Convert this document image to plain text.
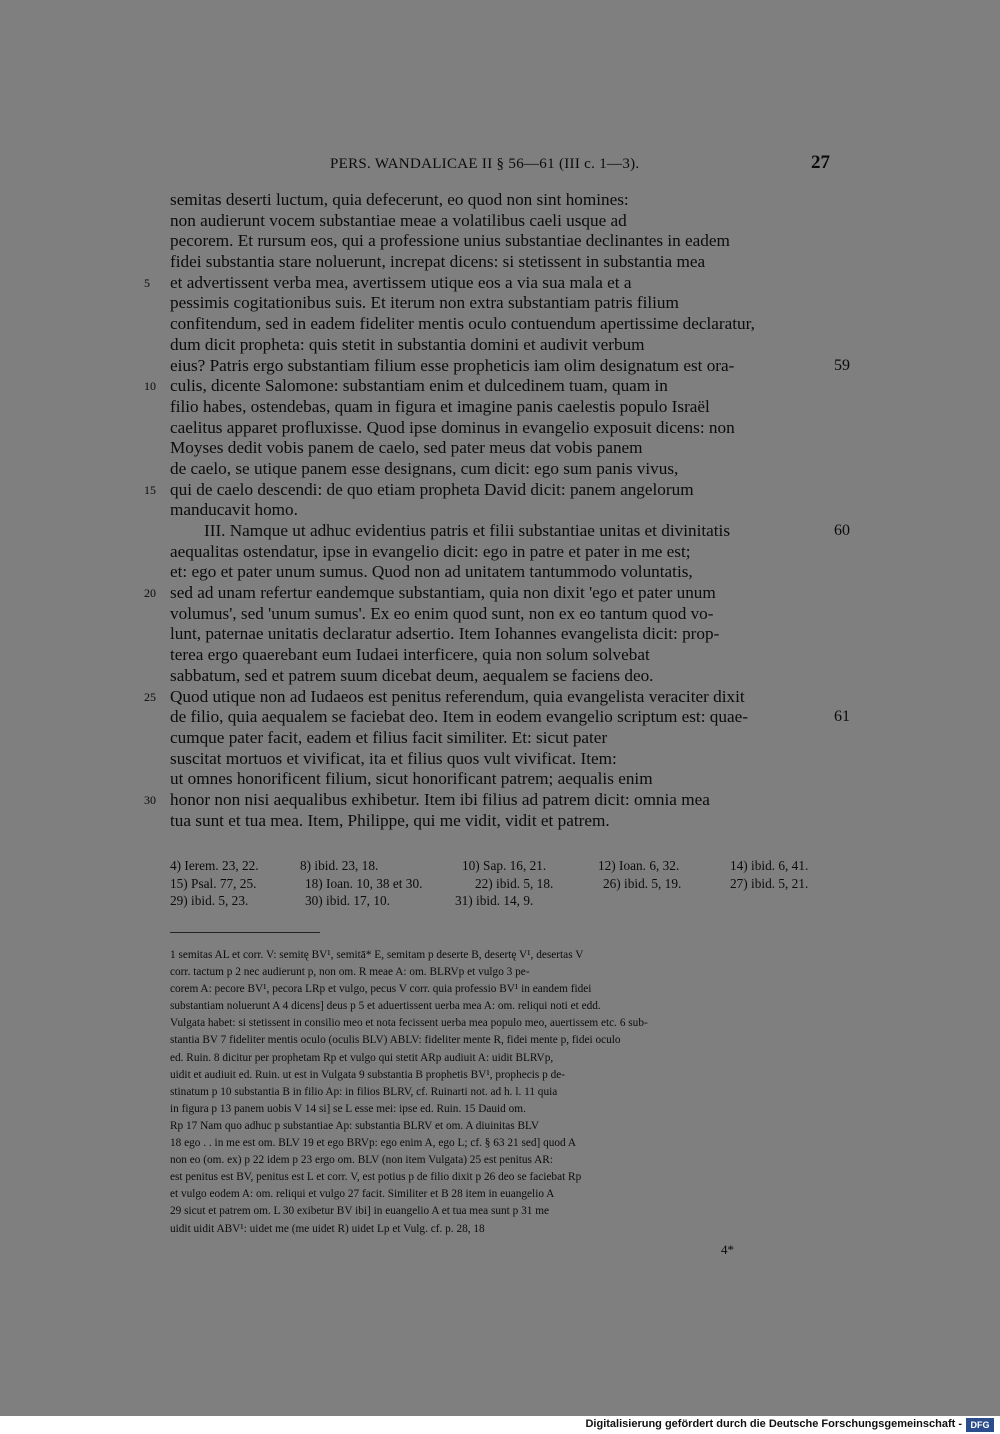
PERS. WANDALICAE II § 56—61 (III c. 1—3).	27
semitas deserti luctum, quia defecerunt, eo quod non sint homines:
non audierunt vocem substantiae meae a volatilibus caeli usque ad
pecorem. Et rursum eos, qui a professione unius substantiae declinantes in eadem
fidei substantia stare noluerunt, increpat dicens: si stetissent in substantia mea
et advertissent verba mea, avertissem utique eos a via sua mala et a
5
pessimis cogitationibus suis. Et iterum non extra substantiam patris filium
confitendum, sed in eadem fideliter mentis oculo contuendum apertissime declaratur,
dum dicit propheta: quis stetit in substantia domini et audivit verbum
eius? Patris ergo substantiam filium esse propheticis iam olim designatum est ora-	59
culis, dicente Salomone: substantiam enim et dulcedinem tuam, quam in
10
filio habes, ostendebas, quam in figura et imagine panis caelestis populo Israël
caelitus apparet profluxisse. Quod ipse dominus in evangelio exposuit dicens: non
Moyses dedit vobis panem de caelo, sed pater meus dat vobis panem
de caelo, se utique panem esse designans, cum dicit: ego sum panis vivus,
qui de caelo descendi: de quo etiam propheta David dicit: panem angelorum
15
manducavit homo.
III. Namque ut adhuc evidentius patris et filii substantiae unitas et divinitatis	60
aequalitas ostendatur, ipse in evangelio dicit: ego in patre et pater in me est;
et: ego et pater unum sumus. Quod non ad unitatem tantummodo voluntatis,
sed ad unam refertur eandemque substantiam, quia non dixit 'ego et pater unum
20
volumus', sed 'unum sumus'. Ex eo enim quod sunt, non ex eo tantum quod vo-
lunt, paternae unitatis declaratur adsertio. Item Iohannes evangelista dicit: prop-
terea ergo quaerebant eum Iudaei interficere, quia non solum solvebat
sabbatum, sed et patrem suum dicebat deum, aequalem se faciens deo.
Quod utique non ad Iudaeos est penitus referendum, quia evangelista veraciter dixit
25
de filio, quia aequalem se faciebat deo. Item in eodem evangelio scriptum est: quae-	61
cumque pater facit, eadem et filius facit similiter. Et: sicut pater
suscitat mortuos et vivificat, ita et filius quos vult vivificat. Item:
ut omnes honorificent filium, sicut honorificant patrem; aequalis enim
honor non nisi aequalibus exhibetur. Item ibi filius ad patrem dicit: omnia mea
30
tua sunt et tua mea. Item, Philippe, qui me vidit, vidit et patrem.
4) Ierem. 23, 22.	8) ibid. 23, 18.	10) Sap. 16, 21.	12) Ioan. 6, 32.	14) ibid. 6, 41.
15) Psal. 77, 25.	18) Ioan. 10, 38 et 30.	22) ibid. 5, 18.	26) ibid. 5, 19.	27) ibid. 5, 21.
29) ibid. 5, 23.	30) ibid. 17, 10.	31) ibid. 14, 9.
1 semitas AL et corr. V: semitę BV¹, semitā* E, semitam p deserte B, desertę V¹, desertas V
corr. tactum p 2 nec audierunt p, non om. R meae A: om. BLRVp et vulgo 3 pe-
corem A: pecore BV¹, pecora LRp et vulgo, pecus V corr. quia professio BV¹ in eandem fidei
substantiam noluerunt A 4 dicens] deus p 5 et aduertissent uerba mea A: om. reliqui noti et edd.
Vulgata habet: si stetissent in consilio meo et nota fecissent uerba mea populo meo, auertissem etc. 6 sub-
stantia BV 7 fideliter mentis oculo (oculis BLV) ABLV: fideliter mente R, fidei mente p, fidei oculo
ed. Ruin. 8 dicitur per prophetam Rp et vulgo qui stetit ARp audiuit A: uidit BLRVp,
uidit et audiuit ed. Ruin. ut est in Vulgata 9 substantia B prophetis BV¹, prophecis p de-
stinatum p 10 substantia B in filio Ap: in filios BLRV, cf. Ruinarti not. ad h. l. 11 quia
in figura p 13 panem uobis V 14 si] se L esse mei: ipse ed. Ruin. 15 Dauid om.
Rp 17 Nam quo adhuc p substantiae Ap: substantia BLRV et om. A diuinitas BLV
18 ego . . in me est om. BLV 19 et ego BRVp: ego enim A, ego L; cf. § 63 21 sed] quod A
non eo (om. ex) p 22 idem p 23 ergo om. BLV (non item Vulgata) 25 est penitus AR:
est penitus est BV, penitus est L et corr. V, est potius p de filio dixit p 26 deo se faciebat Rp
et vulgo eodem A: om. reliqui et vulgo 27 facit. Similiter et B 28 item in euangelio A
29 sicut et patrem om. L 30 exibetur BV ibi] in euangelio A et tua mea sunt p 31 me
uidit uidit ABV¹: uidet me (me uidet R) uidet Lp et Vulg. cf. p. 28, 18
4*
Digitalisierung gefördert durch die Deutsche Forschungsgemeinschaft - DFG
